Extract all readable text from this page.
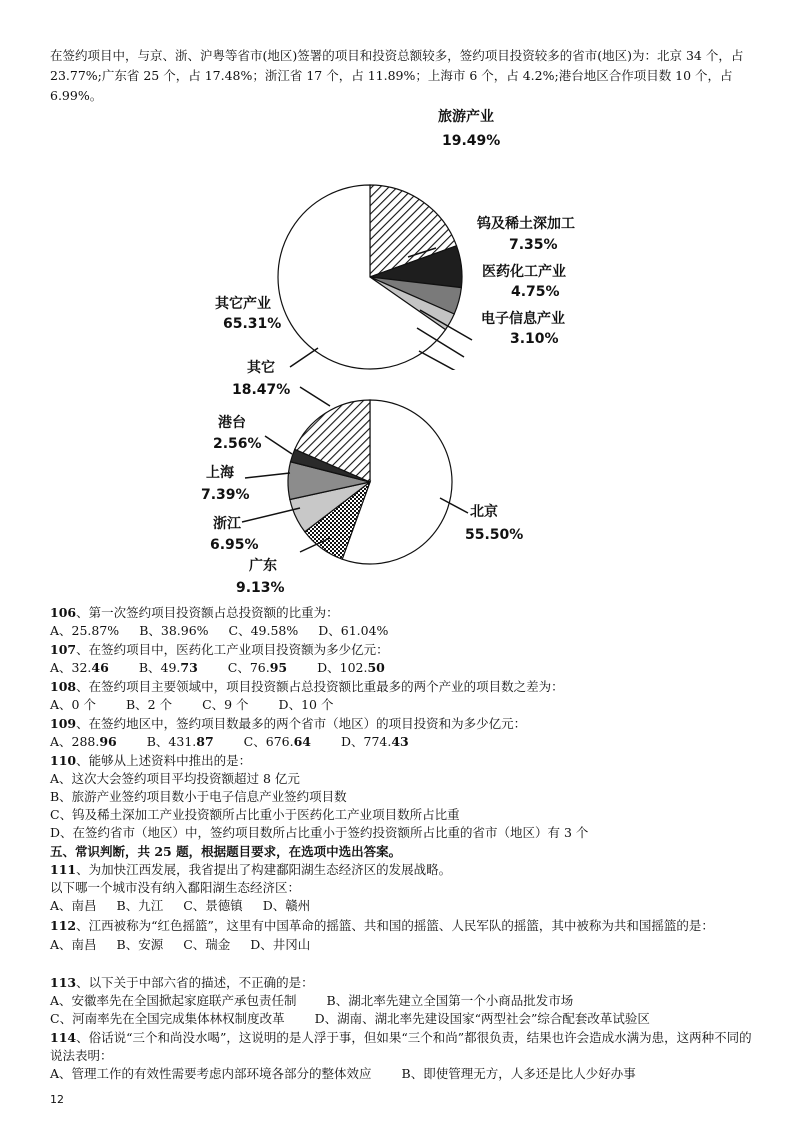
在签约项目中，与京、浙、沪粤等省市(地区)签署的项目和投资总额较多，签约项目投资较多的省市(地区)为：北京 34 个，占 23.77%;广东省 25 个，占 17.48%；浙江省 17 个，占 11.89%；上海市 6 个，占 4.2%;港台地区合作项目数 10 个，占 6.99%。
旅游产业
19.49%
钨及稀土深加工
7.35%
医药化工产业
4.75%
电子信息产业
3.10%
其它产业
65.31%
其它
18.47%
港台
2.56%
上海
7.39%
浙江
6.95%
广东
9.13%
北京
55.50%
106、第一次签约项目投资额占总投资额的比重为：
A、25.87% B、38.96% C、49.58% D、61.04%
107、在签约项目中，医药化工产业项目投资额为多少亿元：
A、32.46 B、49.73 C、76.95 D、102.50
108、在签约项目主要领域中，项目投资额占总投资额比重最多的两个产业的项目数之差为：
A、0 个 B、2 个 C、9 个 D、10 个
109、在签约地区中，签约项目数最多的两个省市（地区）的项目投资和为多少亿元：
A、288.96 B、431.87 C、676.64 D、774.43
110、能够从上述资料中推出的是：
A、这次大会签约项目平均投资额超过 8 亿元
B、旅游产业签约项目数小于电子信息产业签约项目数
C、钨及稀土深加工产业投资额所占比重小于医药化工产业项目数所占比重
D、在签约省市（地区）中，签约项目数所占比重小于签约投资额所占比重的省市（地区）有 3 个
五、常识判断，共 25 题，根据题目要求，在选项中选出答案。
111、为加快江西发展，我省提出了构建鄱阳湖生态经济区的发展战略。
以下哪一个城市没有纳入鄱阳湖生态经济区：
A、南昌 B、九江 C、景德镇 D、赣州
112、江西被称为“红色摇篮”，这里有中国革命的摇篮、共和国的摇篮、人民军队的摇篮，其中被称为共和国摇篮的是：
A、南昌 B、安源 C、瑞金 D、井冈山
113、以下关于中部六省的描述，不正确的是：
A、安徽率先在全国掀起家庭联产承包责任制 B、湖北率先建立全国第一个小商品批发市场
C、河南率先在全国完成集体林权制度改革 D、湖南、湖北率先建设国家“两型社会”综合配套改革试验区
114、俗话说“三个和尚没水喝”，这说明的是人浮于事，但如果“三个和尚”都很负责，结果也许会造成水满为患，这两种不同的说法表明：
A、管理工作的有效性需要考虑内部环境各部分的整体效应 B、即使管理无方，人多还是比人少好办事
12
